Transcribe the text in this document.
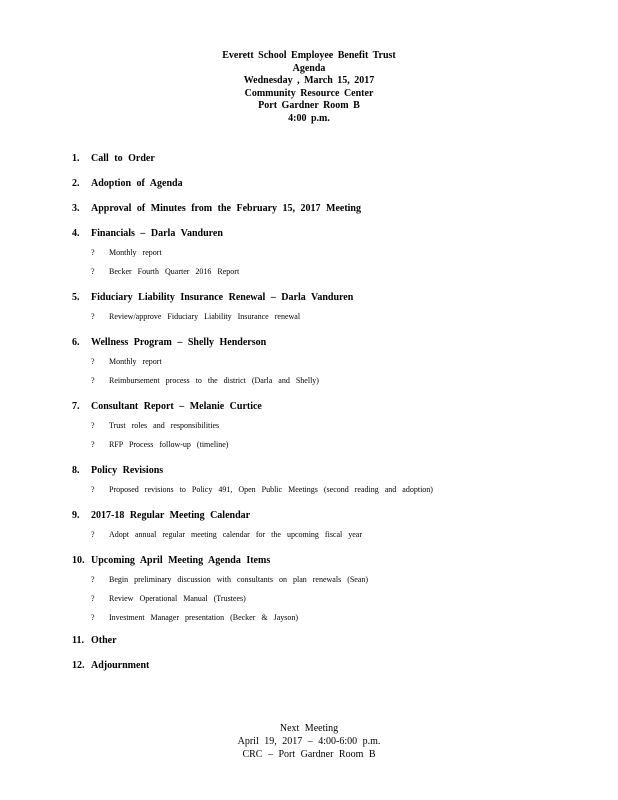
Everett School Employee Benefit Trust
Agenda
Wednesday , March 15, 2017
Community Resource Center
Port Gardner Room B
4:00 p.m.
1.	Call to Order
2.	Adoption of Agenda
3.	Approval of Minutes from the February 15, 2017 Meeting
4.	Financials – Darla Vanduren
? Monthly report
? Becker Fourth Quarter 2016 Report
5.	Fiduciary Liability Insurance Renewal – Darla Vanduren
? Review/approve Fiduciary Liability Insurance renewal
6.	Wellness Program – Shelly Henderson
? Monthly report
? Reimbursement process to the district (Darla and Shelly)
7.	Consultant Report – Melanie Curtice
? Trust roles and responsibilities
? RFP Process follow-up (timeline)
8.	Policy Revisions
? Proposed revisions to Policy 491, Open Public Meetings (second reading and adoption)
9.	2017-18 Regular Meeting Calendar
? Adopt annual regular meeting calendar for the upcoming fiscal year
10. Upcoming April Meeting Agenda Items
? Begin preliminary discussion with consultants on plan renewals (Sean)
? Review Operational Manual (Trustees)
? Investment Manager presentation (Becker & Jayson)
11. Other
12. Adjournment
Next Meeting
April 19, 2017 – 4:00-6:00 p.m.
CRC – Port Gardner Room B
